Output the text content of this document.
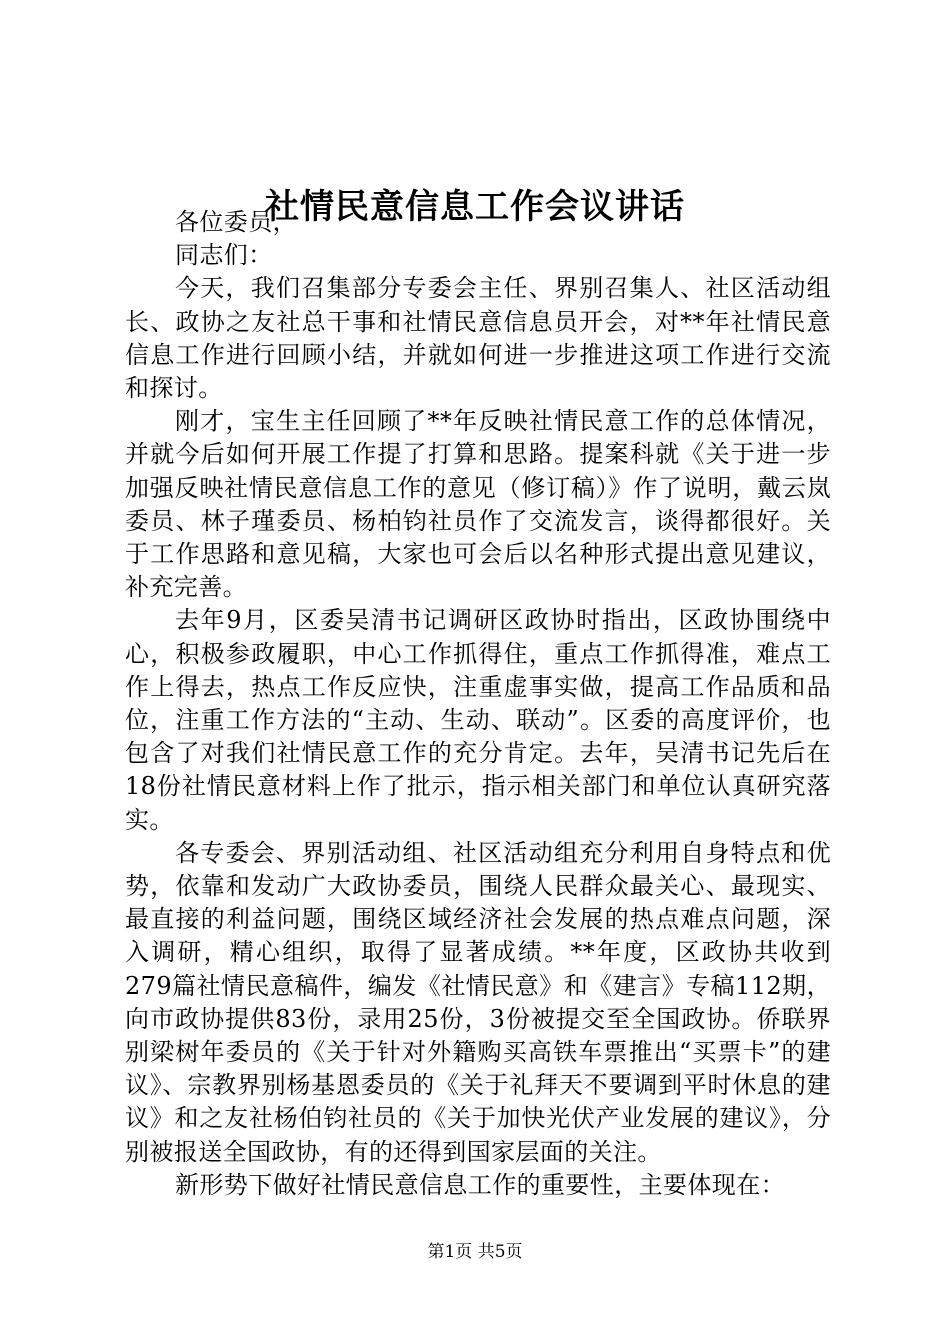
社情民意信息工作会议讲话

各位委员，

同志们：

今天，我们召集部分专委会主任、界别召集人、社区活动组长、政协之友社总干事和社情民意信息员开会，对**年社情民意信息工作进行回顾小结，并就如何进一步推进这项工作进行交流和探讨。

刚才，宝生主任回顾了**年反映社情民意工作的总体情况，并就今后如何开展工作提了打算和思路。提案科就《关于进一步加强反映社情民意信息工作的意见（修订稿）》作了说明，戴云岚委员、林子瑾委员、杨柏钧社员作了交流发言，谈得都很好。关于工作思路和意见稿，大家也可会后以名种形式提出意见建议，补充完善。

去年9月，区委吴清书记调研区政协时指出，区政协围绕中心，积极参政履职，中心工作抓得住，重点工作抓得准，难点工作上得去，热点工作反应快，注重虚事实做，提高工作品质和品位，注重工作方法的“主动、生动、联动”。区委的高度评价，也包含了对我们社情民意工作的充分肯定。去年，吴清书记先后在18份社情民意材料上作了批示，指示相关部门和单位认真研究落实。

各专委会、界别活动组、社区活动组充分利用自身特点和优势，依靠和发动广大政协委员，围绕人民群众最关心、最现实、最直接的利益问题，围绕区域经济社会发展的热点难点问题，深入调研，精心组织，取得了显著成绩。**年度，区政协共收到279篇社情民意稿件，编发《社情民意》和《建言》专稿112期，向市政协提供83份，录用25份，3份被提交至全国政协。侨联界别梁树年委员的《关于针对外籍购买高铁车票推出“买票卡”的建议》、宗教界别杨基恩委员的《关于礼拜天不要调到平时休息的建议》和之友社杨伯钧社员的《关于加快光伏产业发展的建议》，分别被报送全国政协，有的还得到国家层面的关注。

新形势下做好社情民意信息工作的重要性，主要体现在：

第1页 共5页
